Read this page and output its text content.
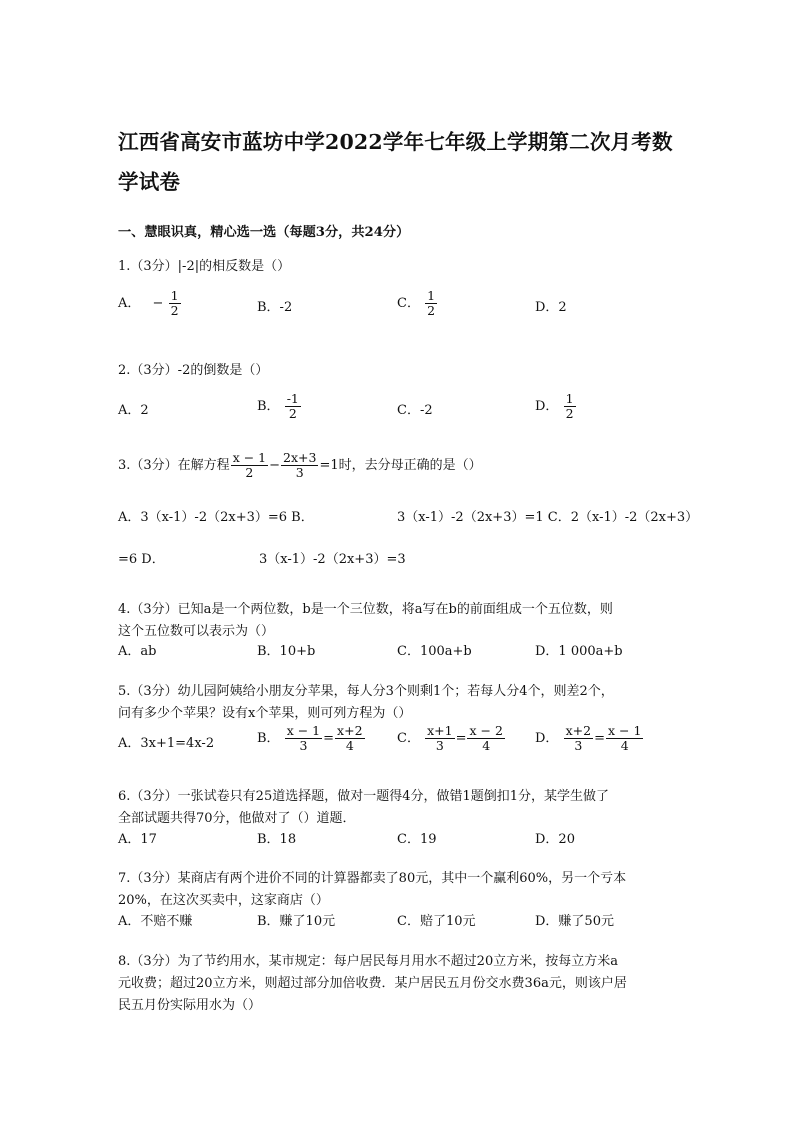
江西省高安市蓝坊中学2022学年七年级上学期第二次月考数学试卷
一、慧眼识真，精心选一选（每题3分，共24分）
1.（3分）|-2|的相反数是（）
A． − $\frac{1}{2}$	B．-2	C． $\frac{1}{2}$	D．2
2.（3分）-2的倒数是（）
A．2	B． $\frac{-1}{2}$	C．-2	D． $\frac{1}{2}$
3.（3分）在解方程 $\frac{x - 1}{2} - \frac{2x+3}{3} =1$时，去分母正确的是（）
A．3（x-1）-2（2x+3）=6 B．	3（x-1）-2（2x+3）=1 C．2（x-1）-2（2x+3）
=6 D．	3（x-1）-2（2x+3）=3
4.（3分）已知a是一个两位数，b是一个三位数，将a写在b的前面组成一个五位数，则
这个五位数可以表示为（）
A．ab	B．10+b	C．100a+b	D．1 000a+b
5.（3分）幼儿园阿姨给小朋友分苹果，每人分3个则剩1个；若每人分4个，则差2个，
问有多少个苹果？设有x个苹果，则可列方程为（）
A．3x+1=4x-2	B． $\frac{x - 1}{3} = \frac{x+2}{4}$ C． $\frac{x+1}{3} = \frac{x - 2}{4}$ D． $\frac{x+2}{3} = \frac{x - 1}{4}$
6.（3分）一张试卷只有25道选择题，做对一题得4分，做错1题倒扣1分，某学生做了
全部试题共得70分，他做对了（）道题．
A．17	B．18	C．19	D．20
7.（3分）某商店有两个进价不同的计算器都卖了80元，其中一个赢利60%，另一个亏本
20%，在这次买卖中，这家商店（）
A．不赔不赚	B．赚了10元	C．赔了10元	D．赚了50元
8.（3分）为了节约用水，某市规定：每户居民每月用水不超过20立方米，按每立方米a
元收费；超过20立方米，则超过部分加倍收费．某户居民五月份交水费36a元，则该户居
民五月份实际用水为（）
